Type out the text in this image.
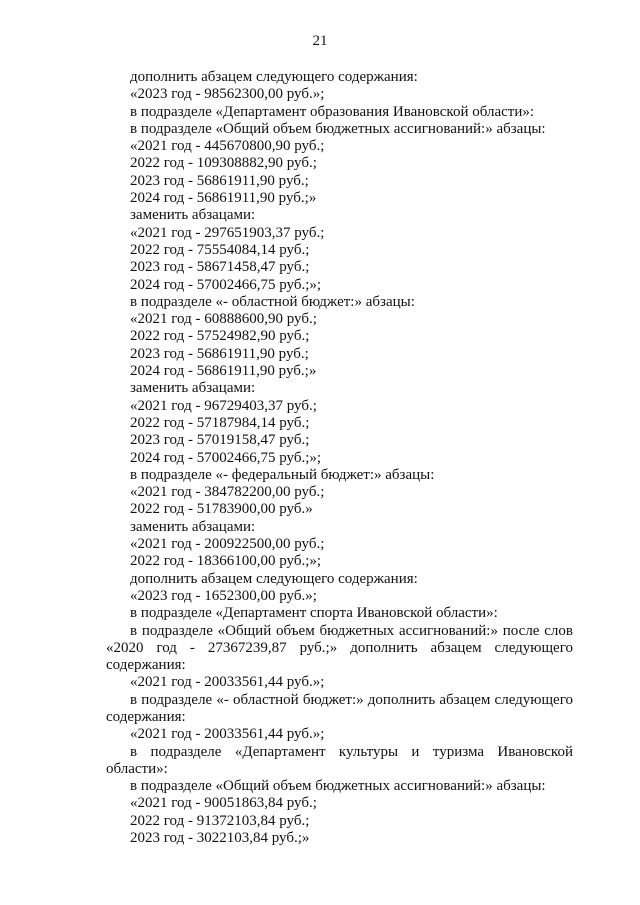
21

дополнить абзацем следующего содержания:

«2023 год - 98562300,00 руб.»;

в подразделе «Департамент образования Ивановской области»:

в подразделе «Общий объем бюджетных ассигнований:» абзацы:

«2021 год - 445670800,90 руб.;

2022 год - 109308882,90 руб.;

2023 год - 56861911,90 руб.;

2024 год - 56861911,90 руб.;»

заменить абзацами:

«2021 год - 297651903,37 руб.;

2022 год - 75554084,14 руб.;

2023 год - 58671458,47 руб.;

2024 год - 57002466,75 руб.;»;

в подразделе «- областной бюджет:» абзацы:

«2021 год - 60888600,90 руб.;

2022 год - 57524982,90 руб.;

2023 год - 56861911,90 руб.;

2024 год - 56861911,90 руб.;»

заменить абзацами:

«2021 год - 96729403,37 руб.;

2022 год - 57187984,14 руб.;

2023 год - 57019158,47 руб.;

2024 год - 57002466,75 руб.;»;

в подразделе «- федеральный бюджет:» абзацы:

«2021 год - 384782200,00 руб.;

2022 год - 51783900,00 руб.»

заменить абзацами:

«2021 год - 200922500,00 руб.;

2022 год - 18366100,00 руб.;»;

дополнить абзацем следующего содержания:

«2023 год - 1652300,00 руб.»;

в подразделе «Департамент спорта Ивановской области»:

в подразделе «Общий объем бюджетных ассигнований:» после слов «2020 год - 27367239,87 руб.;» дополнить абзацем следующего содержания:

«2021 год - 20033561,44 руб.»;

в подразделе «- областной бюджет:» дополнить абзацем следующего содержания:

«2021 год - 20033561,44 руб.»;

в подразделе «Департамент культуры и туризма Ивановской области»:

в подразделе «Общий объем бюджетных ассигнований:» абзацы:

«2021 год - 90051863,84 руб.;

2022 год - 91372103,84 руб.;

2023 год - 3022103,84 руб.;»
